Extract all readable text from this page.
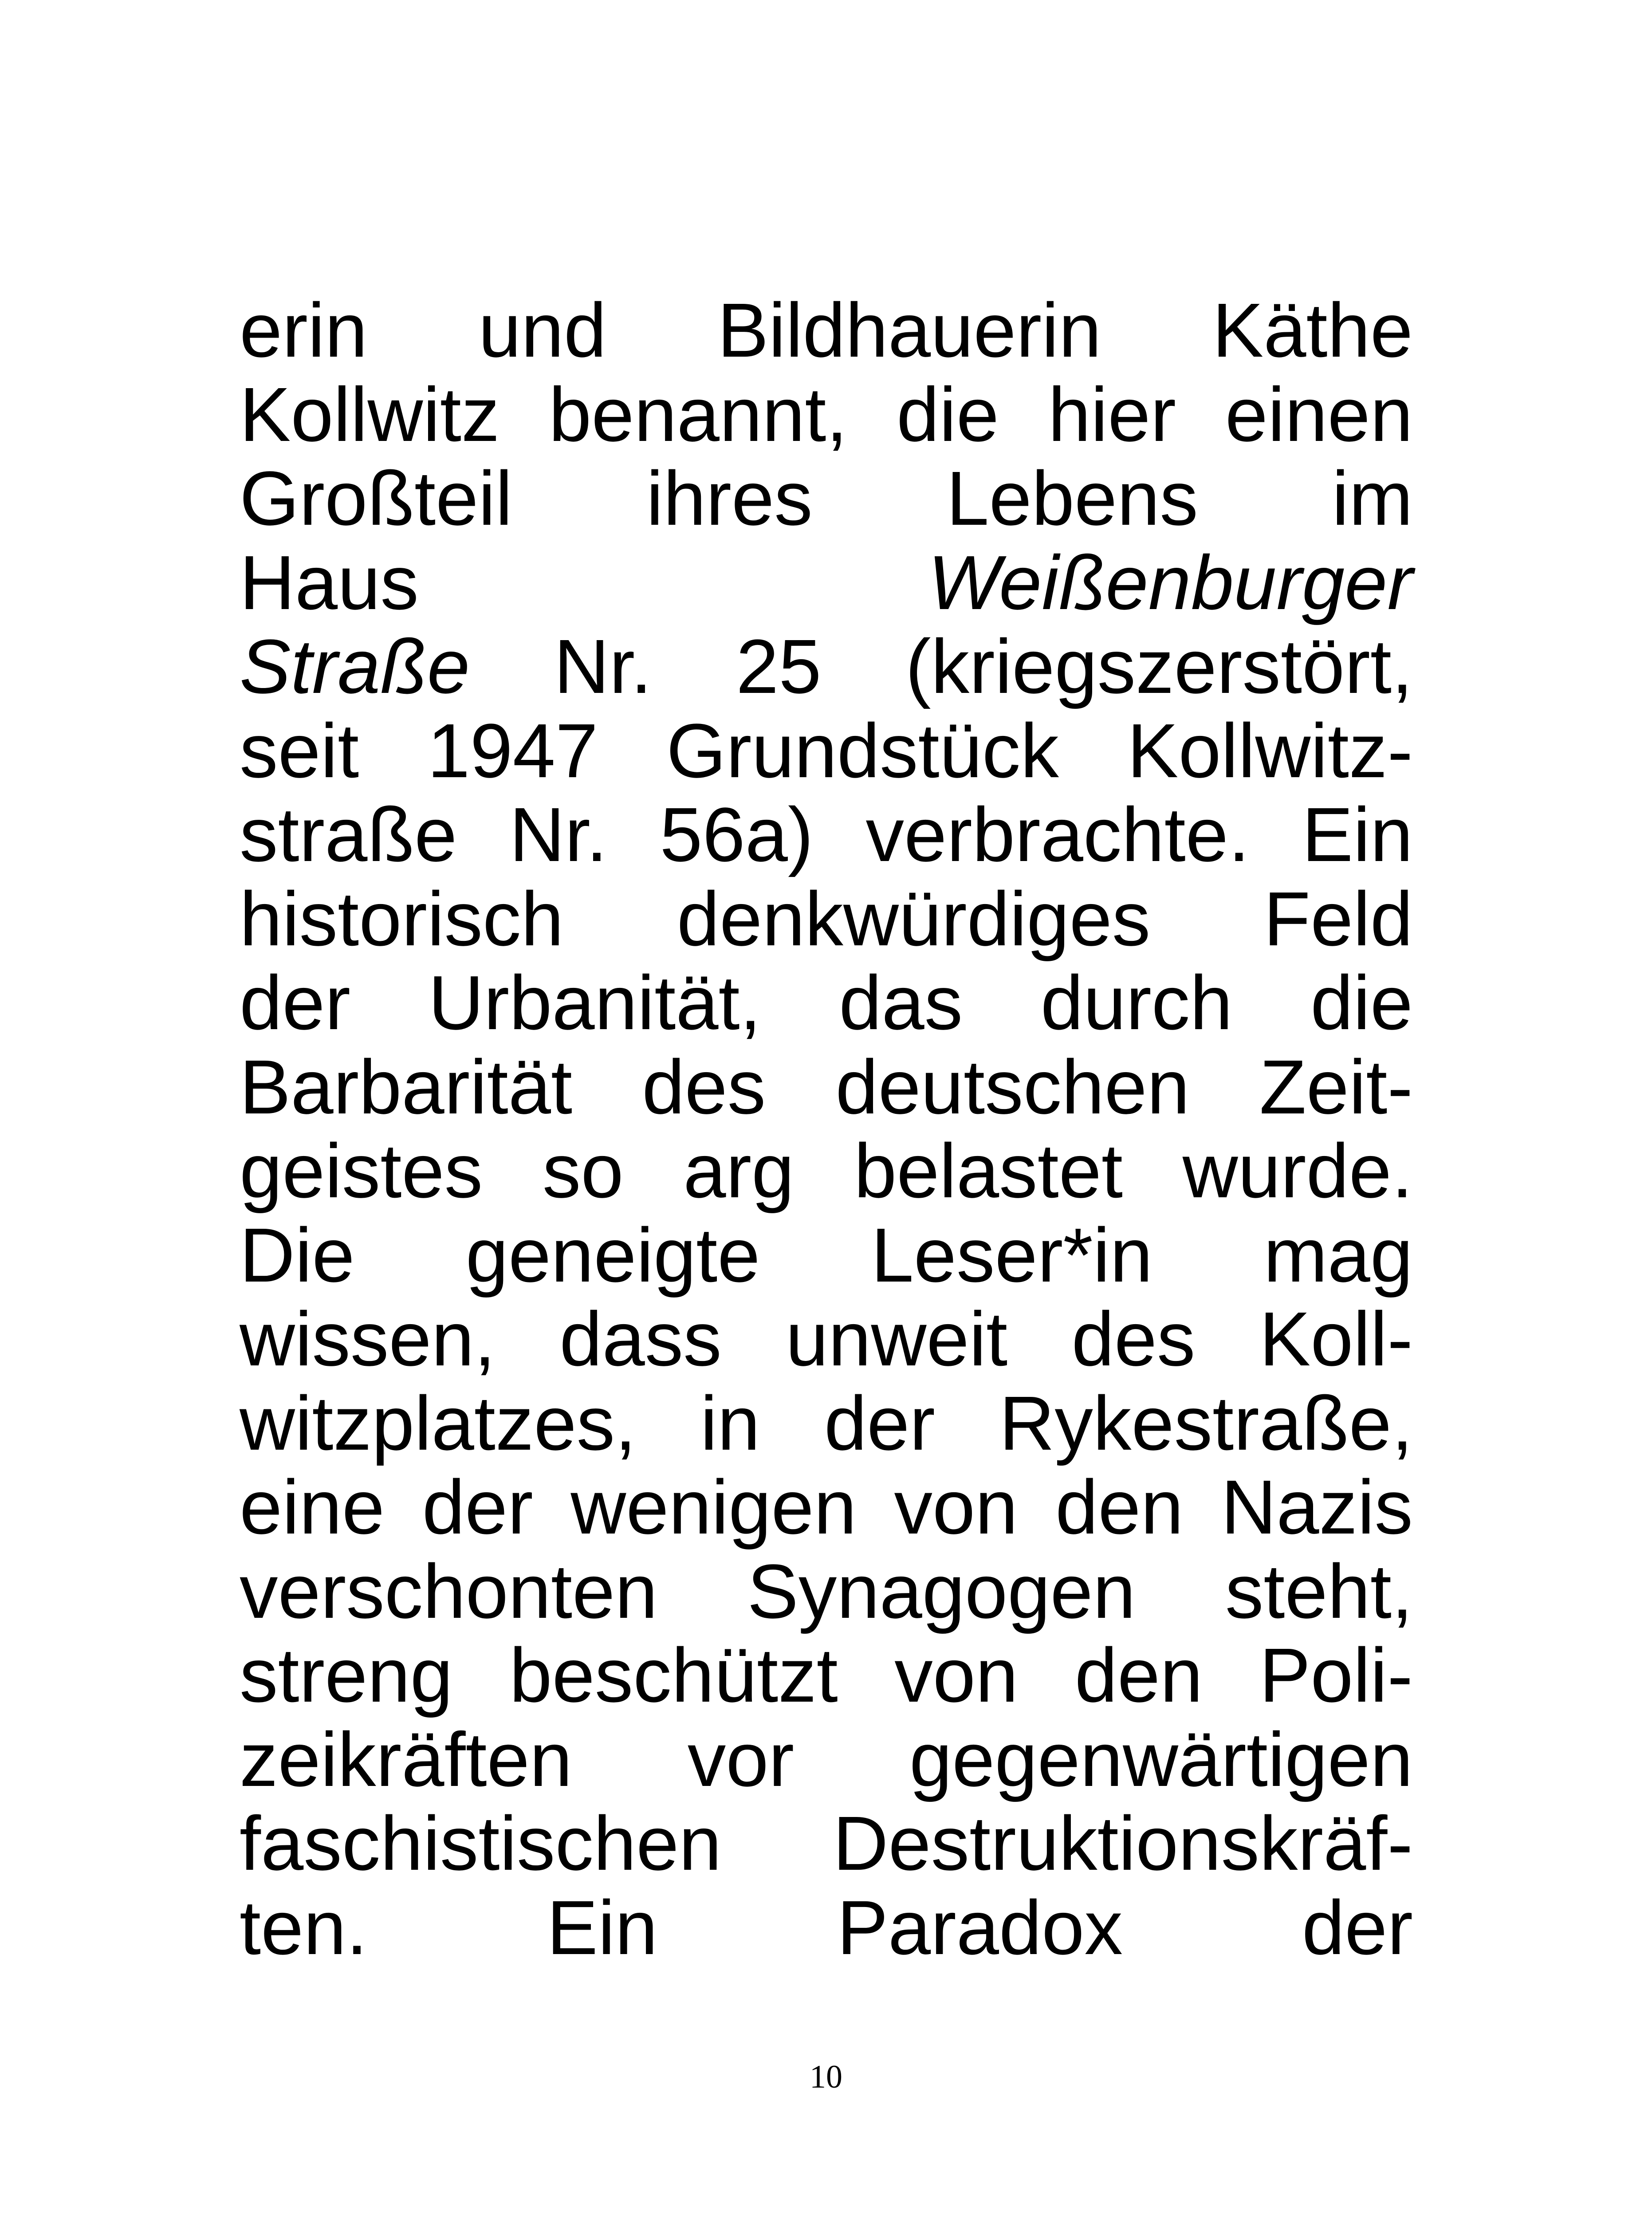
erin und Bildhauerin Käthe
Kollwitz benannt, die hier einen
Großteil ihres Lebens im
Haus	Weißenburger
Straße Nr. 25 (kriegszerstört,
seit 1947 Grundstück Kollwitz-
straße Nr. 56a) verbrachte. Ein
historisch denkwürdiges Feld
der Urbanität, das durch die
Barbarität des deutschen Zeit-
geistes so arg belastet wurde.
Die geneigte Leser*in mag
wissen, dass unweit des Koll-
witzplatzes, in der Rykestraße,
eine der wenigen von den Nazis
verschonten Synagogen steht,
streng beschützt von den Poli-
zeikräften vor gegenwärtigen
faschistischen Destruktionskräf-
ten. Ein Paradox der
10
